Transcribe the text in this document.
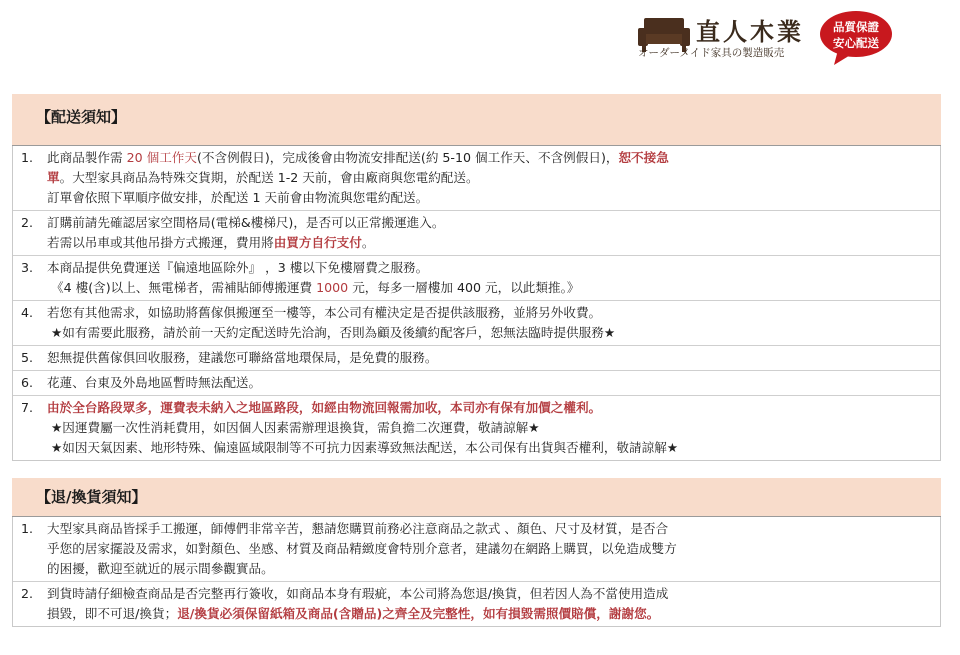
直人木業
オーダーメイド家具の製造販売
品質保證
安心配送
【配送須知】
1.	此商品製作需 20 個工作天(不含例假日)，完成後會由物流安排配送(約 5-10 個工作天、不含例假日)，恕不接急
單。大型家具商品為特殊交貨期，於配送 1-2 天前，會由廠商與您電約配送。
訂單會依照下單順序做安排，於配送 1 天前會由物流與您電約配送。
2.	訂購前請先確認居家空間格局(電梯&樓梯尺)，是否可以正常搬運進入。
若需以吊車或其他吊掛方式搬運，費用將由買方自行支付。
3.	本商品提供免費運送『偏遠地區除外』 ，3 樓以下免樓層費之服務。
《4 樓(含)以上、無電梯者，需補貼師傅搬運費 1000 元，每多一層樓加 400 元，以此類推。》
4.	若您有其他需求，如協助將舊傢俱搬運至一樓等，本公司有權決定是否提供該服務，並將另外收費。
★如有需要此服務，請於前一天約定配送時先洽詢，否則為顧及後續約配客戶，恕無法臨時提供服務★
5.	恕無提供舊傢俱回收服務，建議您可聯絡當地環保局，是免費的服務。
6.	花蓮、台東及外島地區暫時無法配送。
7.	由於全台路段眾多，運費表未納入之地區路段，如經由物流回報需加收，本司亦有保有加價之權利。
★因運費屬一次性消耗費用，如因個人因素需辦理退換貨，需負擔二次運費，敬請諒解★
★如因天氣因素、地形特殊、偏遠區域限制等不可抗力因素導致無法配送，本公司保有出貨與否權利，敬請諒解★
【退/換貨須知】
1.	大型家具商品皆採手工搬運，師傅們非常辛苦，懇請您購買前務必注意商品之款式 、顏色、尺寸及材質，是否合
乎您的居家擺設及需求，如對顏色、坐感、材質及商品精緻度會特別介意者，建議勿在網路上購買，以免造成雙方
的困擾，歡迎至就近的展示間參觀實品。
2.	到貨時請仔細檢查商品是否完整再行簽收，如商品本身有瑕疵，本公司將為您退/換貨，但若因人為不當使用造成
損毀，即不可退/換貨；退/換貨必須保留紙箱及商品(含贈品)之齊全及完整性，如有損毀需照價賠償，謝謝您。
